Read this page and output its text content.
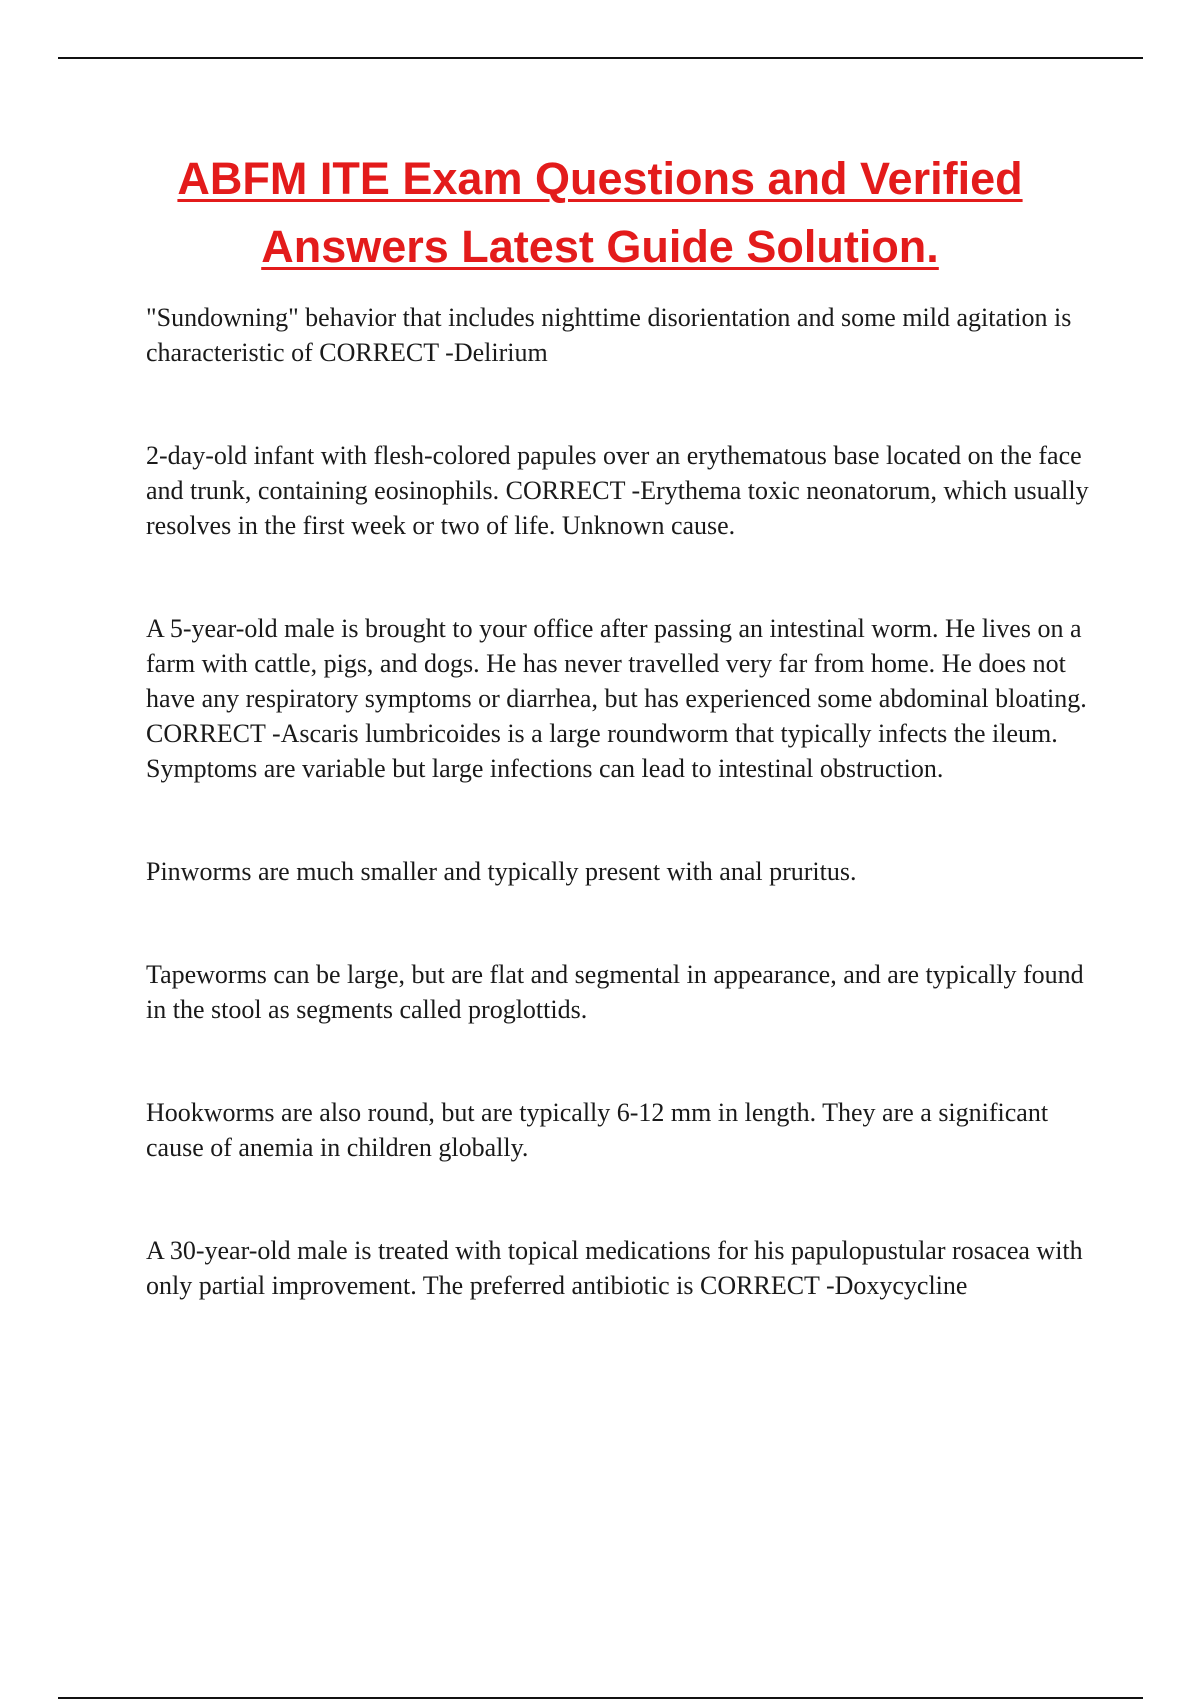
ABFM ITE Exam Questions and Verified
Answers Latest Guide Solution.

"Sundowning" behavior that includes nighttime disorientation and some mild agitation is characteristic of CORRECT -Delirium

2-day-old infant with flesh-colored papules over an erythematous base located on the face and trunk, containing eosinophils. CORRECT -Erythema toxic neonatorum, which usually resolves in the first week or two of life. Unknown cause.

A 5-year-old male is brought to your office after passing an intestinal worm. He lives on a farm with cattle, pigs, and dogs. He has never travelled very far from home. He does not have any respiratory symptoms or diarrhea, but has experienced some abdominal bloating. CORRECT -Ascaris lumbricoides is a large roundworm that typically infects the ileum. Symptoms are variable but large infections can lead to intestinal obstruction.

Pinworms are much smaller and typically present with anal pruritus.

Tapeworms can be large, but are flat and segmental in appearance, and are typically found in the stool as segments called proglottids.

Hookworms are also round, but are typically 6-12 mm in length. They are a significant cause of anemia in children globally.

A 30-year-old male is treated with topical medications for his papulopustular rosacea with only partial improvement. The preferred antibiotic is CORRECT -Doxycycline
